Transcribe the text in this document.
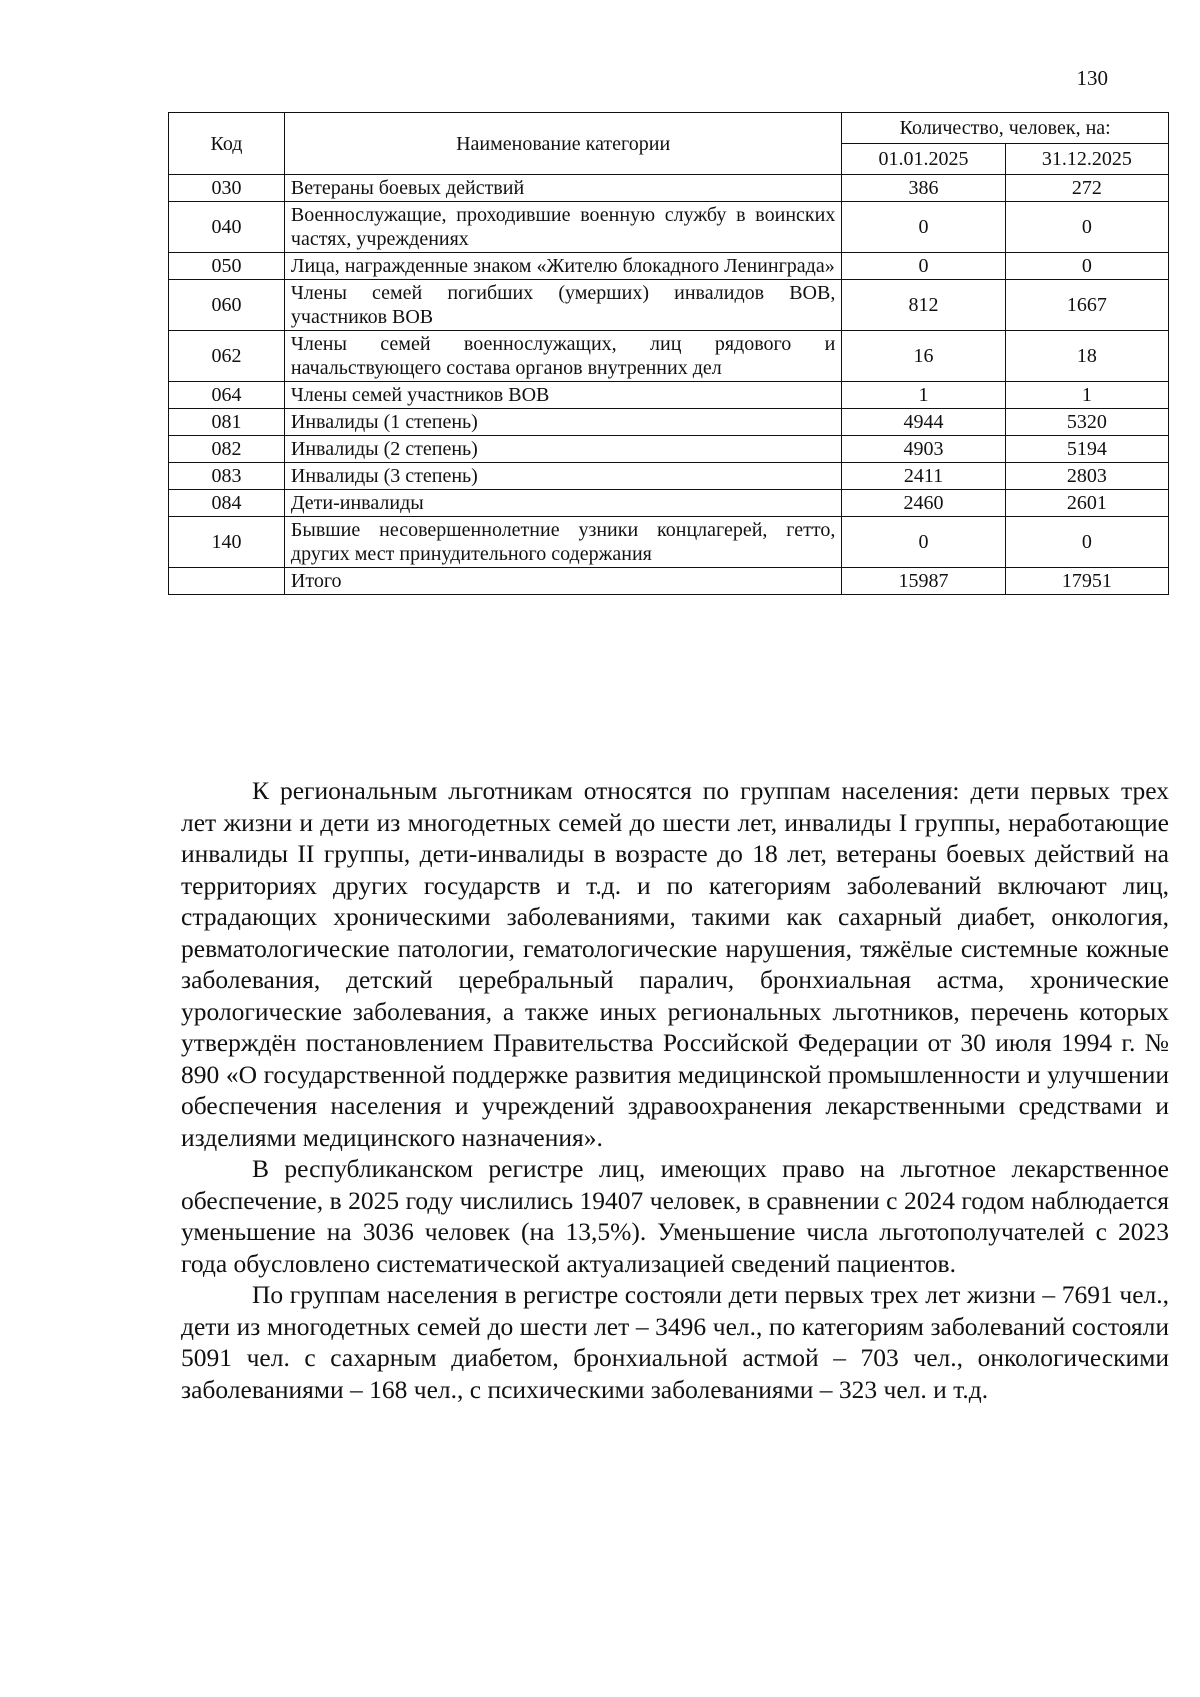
130
Код	Наименование категории	Количество, человек, на:	
		01.01.2025	31.12.2025
030	Ветераны боевых действий	386	272
040	Военнослужащие, проходившие военную службу в воинских частях, учреждениях	0	0
050	Лица, награжденные знаком «Жителю блокадного Ленинграда»	0	0
060	Члены семей погибших (умерших) инвалидов ВОВ, участников ВОВ	812	1667
062	Члены семей военнослужащих, лиц рядового и начальствующего состава органов внутренних дел	16	18
064	Члены семей участников ВОВ	1	1
081	Инвалиды (1 степень)	4944	5320
082	Инвалиды (2 степень)	4903	5194
083	Инвалиды (3 степень)	2411	2803
084	Дети-инвалиды	2460	2601
140	Бывшие несовершеннолетние узники концлагерей, гетто, других мест принудительного содержания	0	0
	Итого	15987	17951

К региональным льготникам относятся по группам населения: дети первых трех лет жизни и дети из многодетных семей до шести лет, инвалиды I группы, неработающие инвалиды II группы, дети-инвалиды в возрасте до 18 лет, ветераны боевых действий на территориях других государств и т.д. и по категориям заболеваний включают лиц, страдающих хроническими заболеваниями, такими как сахарный диабет, онкология, ревматологические патологии, гематологические нарушения, тяжёлые системные кожные заболевания, детский церебральный паралич, бронхиальная астма, хронические урологические заболевания, а также иных региональных льготников, перечень которых утверждён постановлением Правительства Российской Федерации от 30 июля 1994 г. № 890 «О государственной поддержке развития медицинской промышленности и улучшении обеспечения населения и учреждений здравоохранения лекарственными средствами и изделиями медицинского назначения».

В республиканском регистре лиц, имеющих право на льготное лекарственное обеспечение, в 2025 году числились 19407 человек, в сравнении с 2024 годом наблюдается уменьшение на 3036 человек (на 13,5%). Уменьшение числа льготополучателей с 2023 года обусловлено систематической актуализацией сведений пациентов.

По группам населения в регистре состояли дети первых трех лет жизни – 7691 чел., дети из многодетных семей до шести лет – 3496 чел., по категориям заболеваний состояли 5091 чел. с сахарным диабетом, бронхиальной астмой – 703 чел., онкологическими заболеваниями – 168 чел., с психическими заболеваниями – 323 чел. и т.д.
